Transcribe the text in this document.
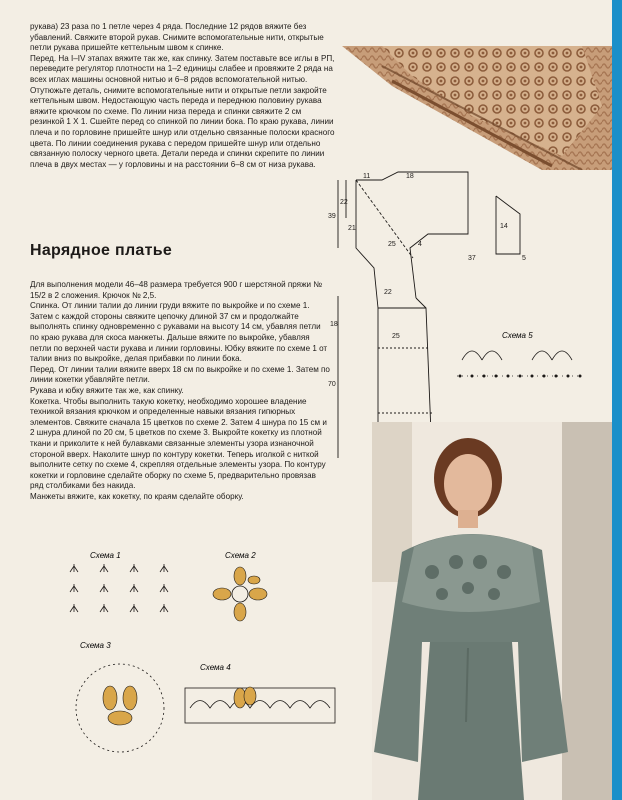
рукава) 23 раза по 1 петле через 4 ряда. Последние 12 рядов вяжите без убавлений. Свяжите второй рукав. Снимите вспомогательные нити, открытые петли рукава пришейте кеттельным швом к спинке.

Перед. На I–IV этапах вяжите так же, как спинку. Затем поставьте все иглы в РП, переведите регулятор плотности на 1–2 единицы слабее и провяжите 2 ряда на всех иглах машины основной нитью и 6–8 рядов вспомогательной нитью. Отутюжьте деталь, снимите вспомогательные нити и открытые петли закройте кеттельным швом. Недостающую часть переда и переднюю половину рукава вяжите крючком по схеме. По линии низа переда и спинки свяжите 2 см резинкой 1 Х 1. Сшейте перед со спинкой по линии бока. По краю рукава, линии плеча и по горловине пришейте шнур или отдельно связанные полоски красного цвета. По линии соединения рукава с передом пришейте шнур или отдельно связанную полоску черного цвета. Детали переда и спинки скрепите по линии плеча в двух местах — у горловины и на расстоянии 6–8 см от низа рукава.

Нарядное платье

Для выполнения модели 46–48 размера требуется 900 г шерстяной пряжи № 15/2 в 2 сложения. Крючок № 2,5.

Спинка. От линии талии до линии груди вяжите по выкройке и по схеме 1. Затем с каждой стороны свяжите цепочку длиной 37 см и продолжайте выполнять спинку одновременно с рукавами на высоту 14 см, убавляя петли по краю рукава для скоса манжеты. Дальше вяжите по выкройке, убавляя петли по верхней части рукава и линии горловины. Юбку вяжите по схеме 1 от талии вниз по выкройке, делая прибавки по линии бока.

Перед. От линии талии вяжите вверх 18 см по выкройке и по схеме 1. Затем по линии кокетки убавляйте петли.

Рукава и юбку вяжите так же, как спинку.

Кокетка. Чтобы выполнить такую кокетку, необходимо хорошее владение техникой вязания крючком и определенные навыки вязания гипюрных элементов. Свяжите сначала 15 цветков по схеме 2. Затем 4 шнура по 15 см и 2 шнура длиной по 20 см, 5 цветков по схеме 3. Выкройте кокетку из плотной ткани и приколите к ней булавками связанные элементы узора изнаночной стороной вверх. Наколите шнур по контуру кокетки. Теперь иголкой с ниткой выполните сетку по схеме 4, скрепляя отдельные элементы узора. По контуру кокетки и горловине сделайте оборку по схеме 5, предварительно провязав ряд столбиками без накида.

Манжеты вяжите, как кокетку, по краям сделайте оборку.

11	18
39
22
21
25	4
37
14
5
22
18
25
70
Схема 5
Схема 1	Схема 2
Схема 3
Схема 4
